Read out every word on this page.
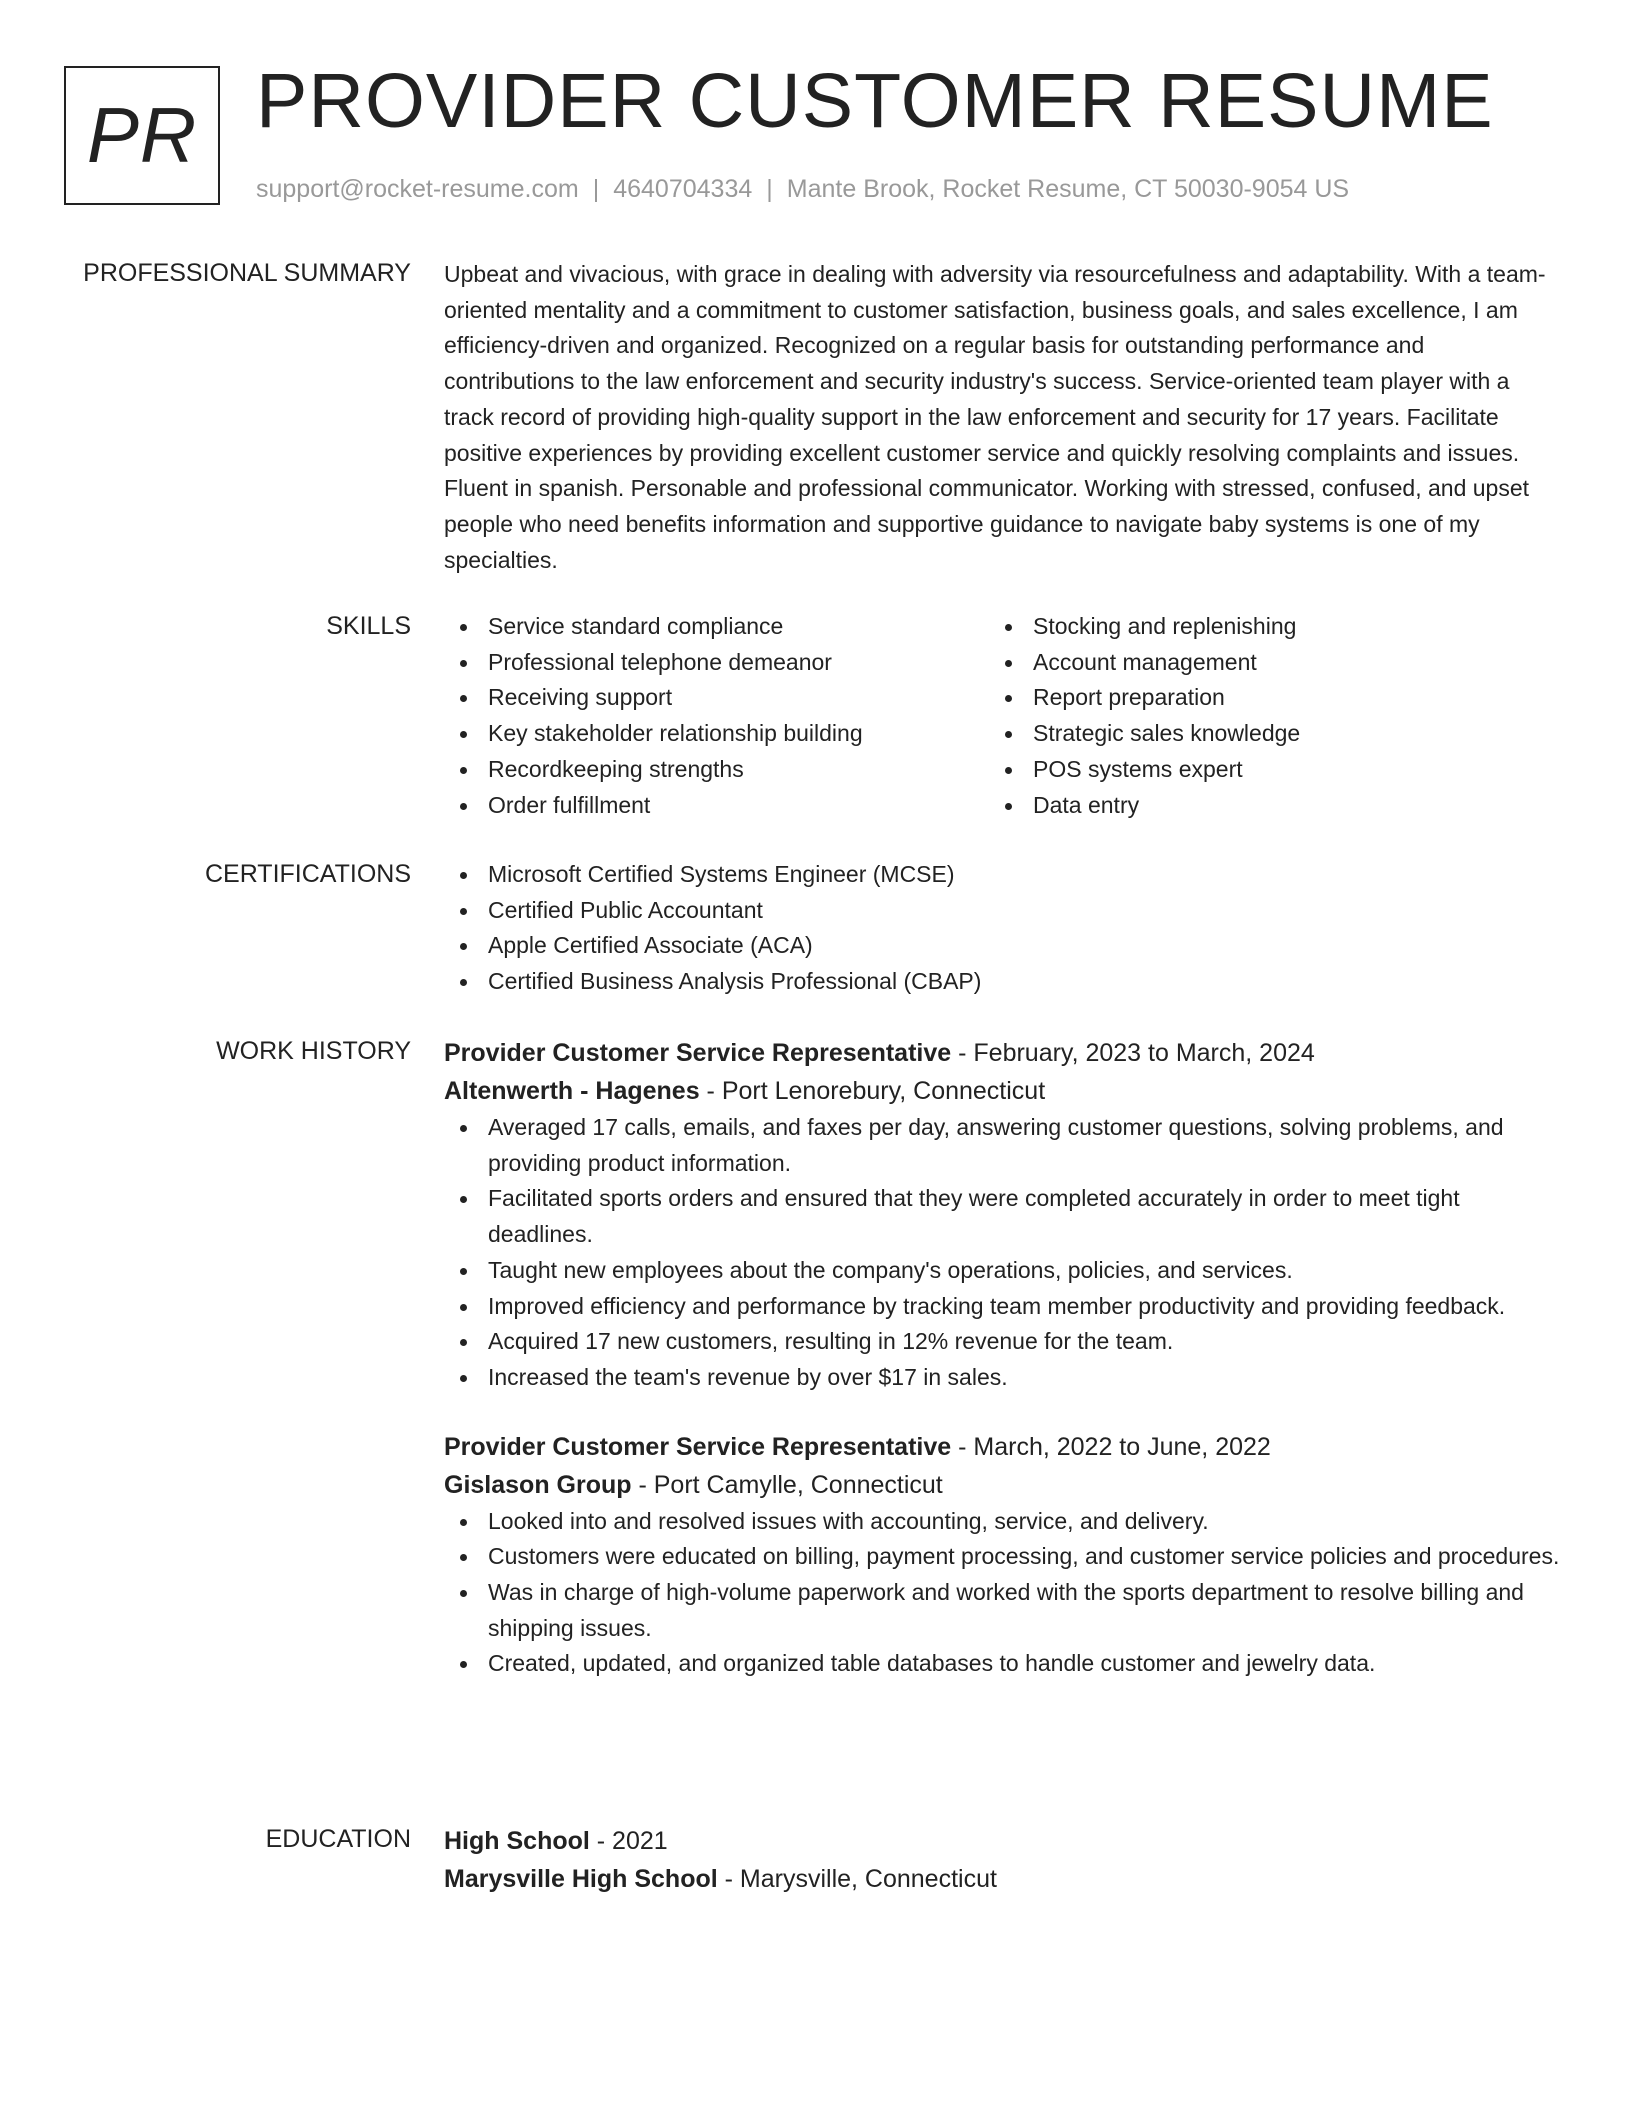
PR PROVIDER CUSTOMER RESUME
support@rocket-resume.com | 4640704334 | Mante Brook, Rocket Resume, CT 50030-9054 US
PROFESSIONAL SUMMARY Upbeat and vivacious, with grace in dealing with adversity via resourcefulness and adaptability. With a team-oriented mentality and a commitment to customer satisfaction, business goals, and sales excellence, I am efficiency-driven and organized. Recognized on a regular basis for outstanding performance and contributions to the law enforcement and security industry's success. Service-oriented team player with a track record of providing high-quality support in the law enforcement and security for 17 years. Facilitate positive experiences by providing excellent customer service and quickly resolving complaints and issues. Fluent in spanish. Personable and professional communicator. Working with stressed, confused, and upset people who need benefits information and supportive guidance to navigate baby systems is one of my specialties.

SKILLS	Service standard compliance
Professional telephone demeanor
Receiving support
Key stakeholder relationship building
Recordkeeping strengths
Order fulfillment
Stocking and replenishing
Account management
Report preparation
Strategic sales knowledge
POS systems expert
Data entry
CERTIFICATIONS	Microsoft Certified Systems Engineer (MCSE)
Certified Public Accountant
Apple Certified Associate (ACA)
Certified Business Analysis Professional (CBAP)
WORK HISTORY Provider Customer Service Representative - February, 2023 to March, 2024
Altenwerth - Hagenes - Port Lenorebury, Connecticut
Averaged 17 calls, emails, and faxes per day, answering customer questions, solving problems, and providing product information.
Facilitated sports orders and ensured that they were completed accurately in order to meet tight deadlines.
Taught new employees about the company's operations, policies, and services.
Improved efficiency and performance by tracking team member productivity and providing feedback.
Acquired 17 new customers, resulting in 12% revenue for the team.
Increased the team's revenue by over $17 in sales.
Provider Customer Service Representative - March, 2022 to June, 2022
Gislason Group - Port Camylle, Connecticut
Looked into and resolved issues with accounting, service, and delivery.
Customers were educated on billing, payment processing, and customer service policies and procedures.
Was in charge of high-volume paperwork and worked with the sports department to resolve billing and shipping issues.
Created, updated, and organized table databases to handle customer and jewelry data.
EDUCATION High School - 2021
Marysville High School - Marysville, Connecticut
